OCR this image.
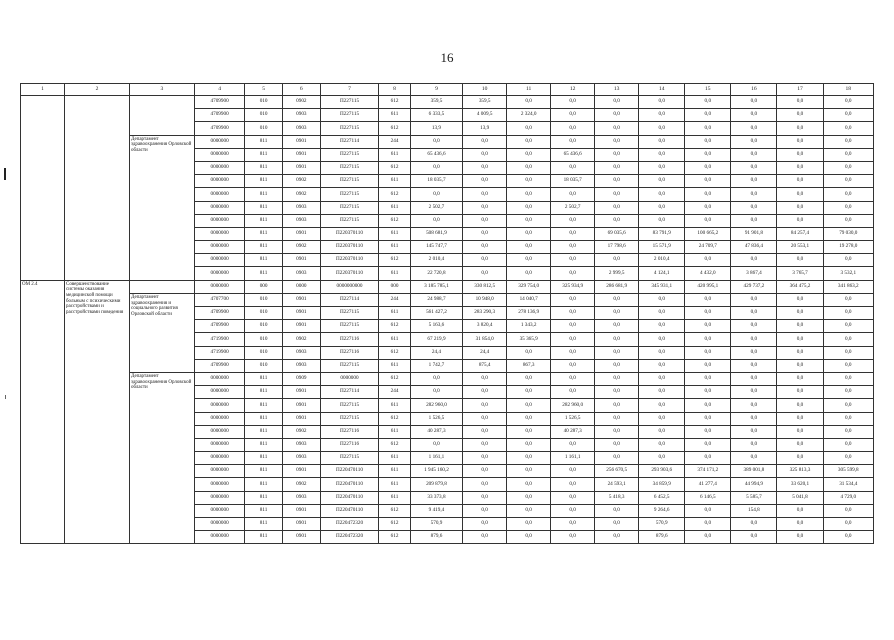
16
1	2	3	4	5	6	7	8	9	10	11	12	13	14	15	16	17	18
			4709900	010	0902	П227115	612	359,5	359,5	0,0	0,0	0,0	0,0	0,0	0,0	0,0	0,0
			4709900	010	0903	П227115	611	6 333,5	4 009,5	2 324,0	0,0	0,0	0,0	0,0	0,0	0,0	0,0
			4709900	010	0903	П227115	612	13,9	13,9	0,0	0,0	0,0	0,0	0,0	0,0	0,0	0,0
		Департамент здравоохранения Орловской области	0000000	811	0901	П227114	244	0,0	0,0	0,0	0,0	0,0	0,0	0,0	0,0	0,0	0,0
			0000000	811	0901	П227115	611	65 436,6	0,0	0,0	65 436,6	0,0	0,0	0,0	0,0	0,0	0,0
			0000000	811	0901	П227115	612	0,0	0,0	0,0	0,0	0,0	0,0	0,0	0,0	0,0	0,0
			0000000	811	0902	П227115	611	18 035,7	0,0	0,0	18 035,7	0,0	0,0	0,0	0,0	0,0	0,0
			0000000	811	0902	П227115	612	0,0	0,0	0,0	0,0	0,0	0,0	0,0	0,0	0,0	0,0
			0000000	811	0903	П227115	611	2 502,7	0,0	0,0	2 502,7	0,0	0,0	0,0	0,0	0,0	0,0
			0000000	811	0903	П227115	612	0,0	0,0	0,0	0,0	0,0	0,0	0,0	0,0	0,0	0,0
			0000000	811	0901	П220370110	611	508 681,9	0,0	0,0	0,0	69 035,6	83 791,9	100 665,2	91 901,8	84 257,4	79 030,0
			0000000	811	0902	П220370110	611	145 747,7	0,0	0,0	0,0	17 798,6	15 571,9	24 709,7	47 836,4	20 553,1	19 278,0
			0000000	811	0901	П220370110	612	2 010,4	0,0	0,0	0,0	0,0	2 010,4	0,0	0,0	0,0	0,0
			0000000	811	0903	П220370110	611	22 720,8	0,0	0,0	0,0	2 999,5	4 124,1	4 432,0	3 867,4	3 765,7	3 532,1
ОМ 2.4	Совершенствование системы оказания медицинской помощи больным с психическими расстройствами и расстройствами поведения		0000000	000	0000	0000000000	000	3 185 785,1	330 812,5	329 754,0	325 934,9	286 681,9	345 931,1	420 995,1	429 737,2	364 475,2	341 863,2
		Департамент здравоохранения и социального развития Орловской области	4707700	010	0901	П227114	244	24 988,7	10 948,0	14 040,7	0,0	0,0	0,0	0,0	0,0	0,0	0,0
			4709900	010	0901	П227115	611	561 427,2	283 290,3	278 136,9	0,0	0,0	0,0	0,0	0,0	0,0	0,0
			4709900	010	0901	П227115	612	5 163,6	3 820,4	1 343,2	0,0	0,0	0,0	0,0	0,0	0,0	0,0
			4719900	010	0902	П227116	611	67 219,9	31 854,0	35 365,9	0,0	0,0	0,0	0,0	0,0	0,0	0,0
			4719900	010	0903	П227116	612	24,4	24,4	0,0	0,0	0,0	0,0	0,0	0,0	0,0	0,0
			4709900	010	0903	П227115	611	1 742,7	875,4	867,3	0,0	0,0	0,0	0,0	0,0	0,0	0,0
		Департамент здравоохранения Орловской области	0000000	811	0909	0000000	612	0,0	0,0	0,0	0,0	0,0	0,0	0,0	0,0	0,0	0,0
			0000000	811	0901	П227114	244	0,0	0,0	0,0	0,0	0,0	0,0	0,0	0,0	0,0	0,0
			0000000	811	0901	П227115	611	282 960,0	0,0	0,0	282 960,0	0,0	0,0	0,0	0,0	0,0	0,0
			0000000	811	0901	П227115	612	1 526,5	0,0	0,0	1 526,5	0,0	0,0	0,0	0,0	0,0	0,0
			0000000	811	0902	П227116	611	40 287,3	0,0	0,0	40 287,3	0,0	0,0	0,0	0,0	0,0	0,0
			0000000	811	0903	П227116	612	0,0	0,0	0,0	0,0	0,0	0,0	0,0	0,0	0,0	0,0
			0000000	811	0903	П227115	611	1 161,1	0,0	0,0	1 161,1	0,0	0,0	0,0	0,0	0,0	0,0
			0000000	811	0901	П220470110	611	1 945 160,2	0,0	0,0	0,0	256 670,5	293 903,6	374 171,2	389 001,8	325 813,3	305 599,8
			0000000	811	0902	П220470110	611	209 879,8	0,0	0,0	0,0	24 593,1	34 859,9	41 277,4	44 994,9	33 620,1	31 534,4
			0000000	811	0903	П220470110	611	33 373,8	0,0	0,0	0,0	5 418,3	6 452,5	6 146,5	5 585,7	5 041,8	4 729,0
			0000000	811	0901	П220470110	612	9 419,4	0,0	0,0	0,0	0,0	9 264,6	0,0	154,8	0,0	0,0
			0000000	811	0901	П220472320	612	570,9	0,0	0,0	0,0	0,0	570,9	0,0	0,0	0,0	0,0
			0000000	811	0901	П220472320	612	879,6	0,0	0,0	0,0	0,0	879,6	0,0	0,0	0,0	0,0
